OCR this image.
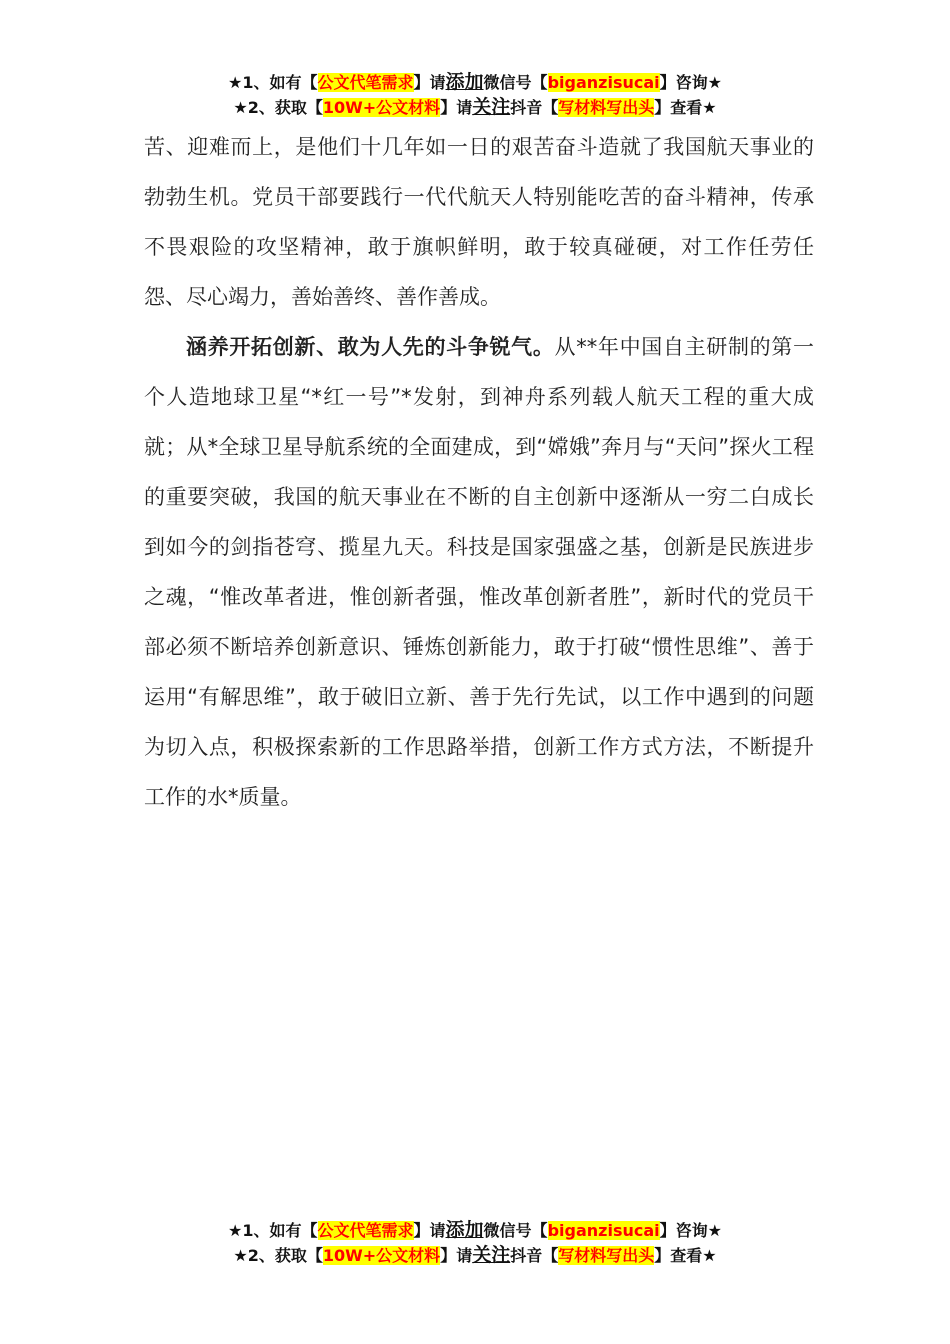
★1、如有【公文代笔需求】请添加微信号【biganzisucai】咨询★
★2、获取【10W+公文材料】请关注抖音【写材料写出头】查看★

苦、迎难而上，是他们十几年如一日的艰苦奋斗造就了我国航天事业的勃勃生机。党员干部要践行一代代航天人特别能吃苦的奋斗精神，传承不畏艰险的攻坚精神，敢于旗帜鲜明，敢于较真碰硬，对工作任劳任怨、尽心竭力，善始善终、善作善成。

涵养开拓创新、敢为人先的斗争锐气。从**年中国自主研制的第一个人造地球卫星“*红一号”*发射，到神舟系列载人航天工程的重大成就；从*全球卫星导航系统的全面建成，到“嫦娥”奔月与“天问”探火工程的重要突破，我国的航天事业在不断的自主创新中逐渐从一穷二白成长到如今的剑指苍穹、揽星九天。科技是国家强盛之基，创新是民族进步之魂，“惟改革者进，惟创新者强，惟改革创新者胜”，新时代的党员干部必须不断培养创新意识、锤炼创新能力，敢于打破“惯性思维”、善于运用“有解思维”，敢于破旧立新、善于先行先试，以工作中遇到的问题为切入点，积极探索新的工作思路举措，创新工作方式方法，不断提升工作的水*质量。

★1、如有【公文代笔需求】请添加微信号【biganzisucai】咨询★
★2、获取【10W+公文材料】请关注抖音【写材料写出头】查看★
